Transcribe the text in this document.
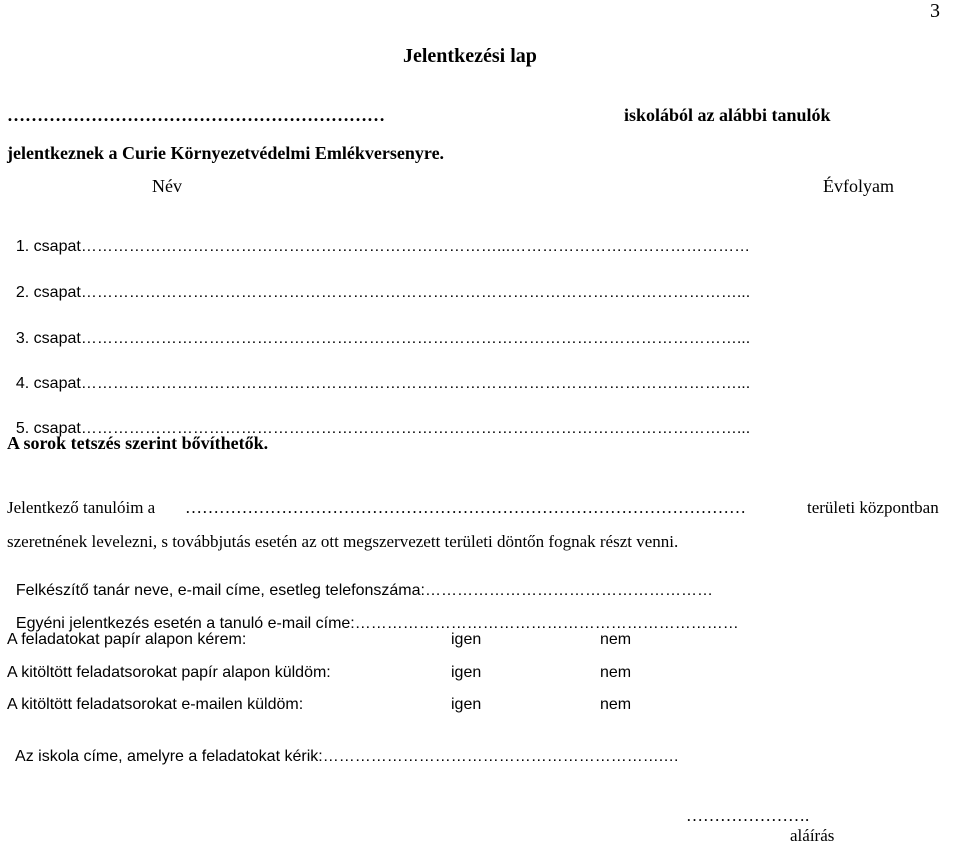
3
Jelentkezési lap
………………………………………………………	iskolából az alábbi tanulók
jelentkeznek a Curie Környezetvédelmi Emlékversenyre.
Név	Évfolyam

1. csapat……………………………………………………………………...………………………………………

2. csapat……………………………………………………………………………………………………………...

3. csapat……………………………………………………………………………………………………………...

4. csapat……………………………………………………………………………………………………………...

5. csapat……………………………………………………………………………………………………………...

A sorok tetszés szerint bővíthetők.
Jelentkező tanulóim a ………………………………………………………………………………………	területi központban
szeretnének levelezni, s továbbjutás esetén az ott megszervezett területi döntőn fognak részt venni.

Felkészítő tanár neve, e-mail címe, esetleg telefonszáma:………………………………………………

Egyéni jelentkezés esetén a tanuló e-mail címe:………………………………………………………………

A feladatokat papír alapon kérem:	igen	nem
A kitöltött feladatsorokat papír alapon küldöm:	igen	nem
A kitöltött feladatsorokat e-mailen küldöm:	igen	nem

Az iskola címe, amelyre a feladatokat kérik:……………………………………………………….…

………………….
aláírás
